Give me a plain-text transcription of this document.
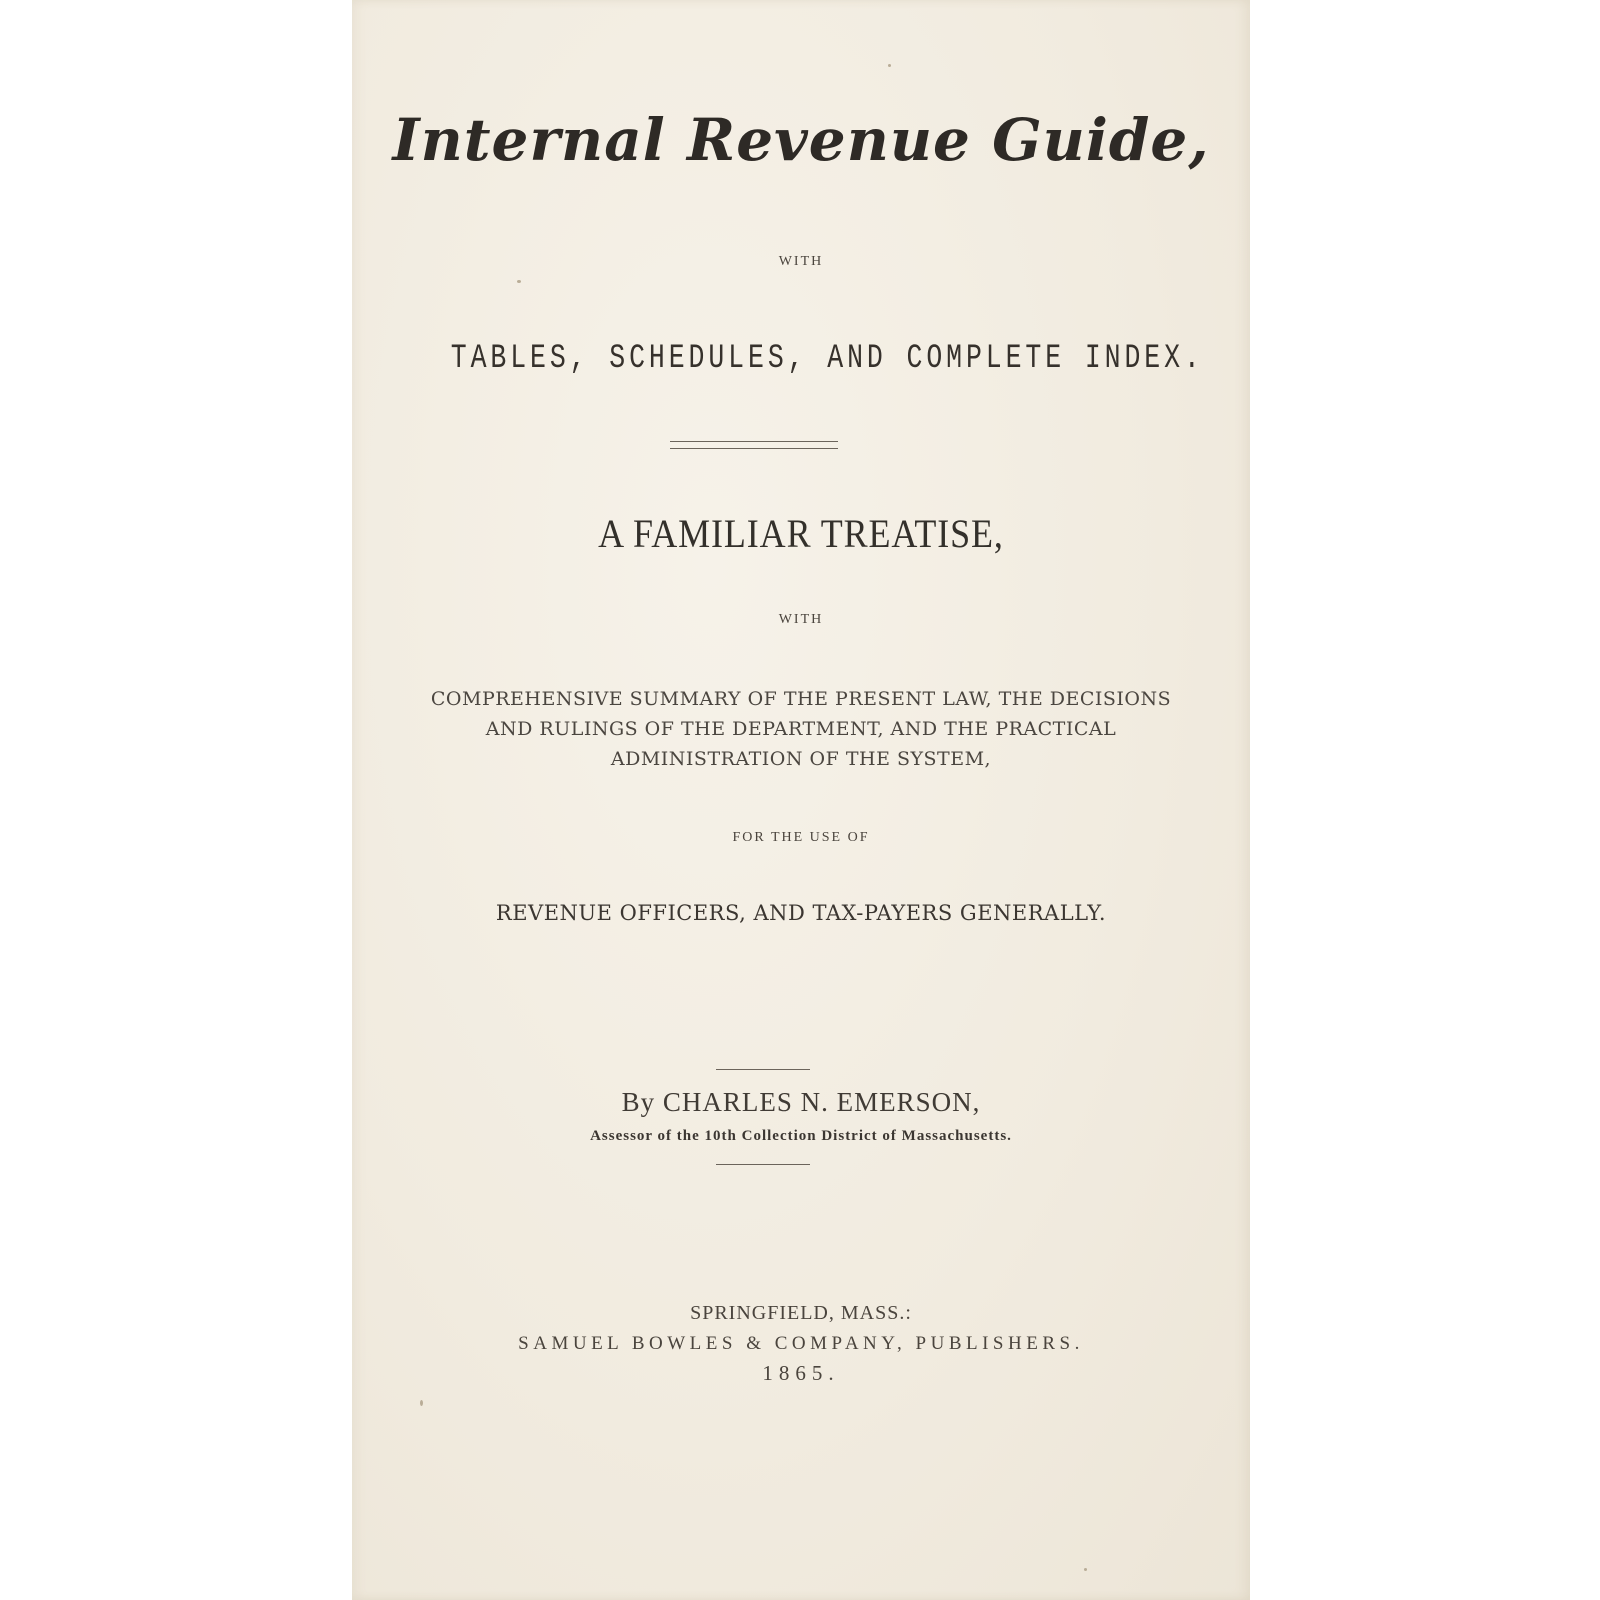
Internal Revenue Guide,
WITH
TABLES, SCHEDULES, AND COMPLETE INDEX.
A FAMILIAR TREATISE,
WITH
COMPREHENSIVE SUMMARY OF THE PRESENT LAW, THE DECISIONS
AND RULINGS OF THE DEPARTMENT, AND THE PRACTICAL
ADMINISTRATION OF THE SYSTEM,
FOR THE USE OF
REVENUE OFFICERS, AND TAX-PAYERS GENERALLY.
By CHARLES N. EMERSON,
Assessor of the 10th Collection District of Massachusetts.
SPRINGFIELD, MASS.:
SAMUEL BOWLES & COMPANY, PUBLISHERS.
1865.
